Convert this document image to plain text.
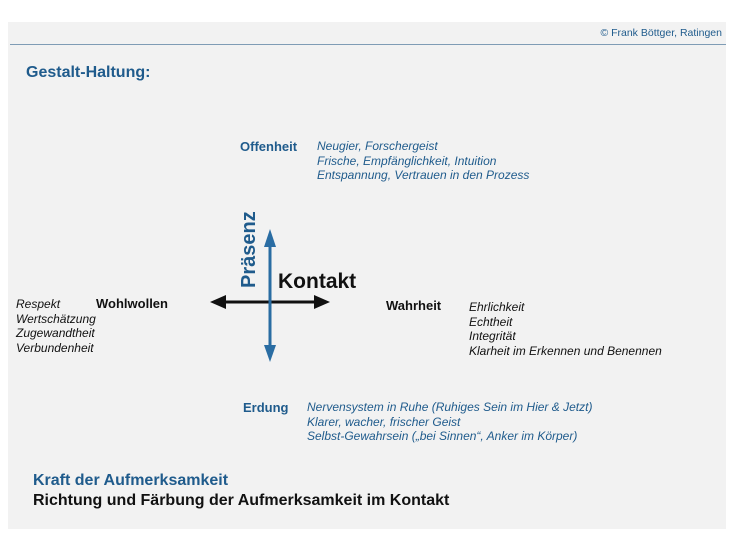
© Frank Böttger, Ratingen
Gestalt-Haltung:
Offenheit Neugier, Forschergeist
Frische, Empfänglichkeit, Intuition
Entspannung, Vertrauen in den Prozess
Wohlwollen
Respekt
Wertschätzung
Zugewandtheit
Verbundenheit
Wahrheit Ehrlichkeit
Echtheit
Integrität
Klarheit im Erkennen und Benennen
Erdung Nervensystem in Ruhe (Ruhiges Sein im Hier & Jetzt)
Klarer, wacher, frischer Geist
Selbst-Gewahrsein („bei Sinnen“, Anker im Körper)
Präsenz Kontakt
Kraft der Aufmerksamkeit
Richtung und Färbung der Aufmerksamkeit im Kontakt
